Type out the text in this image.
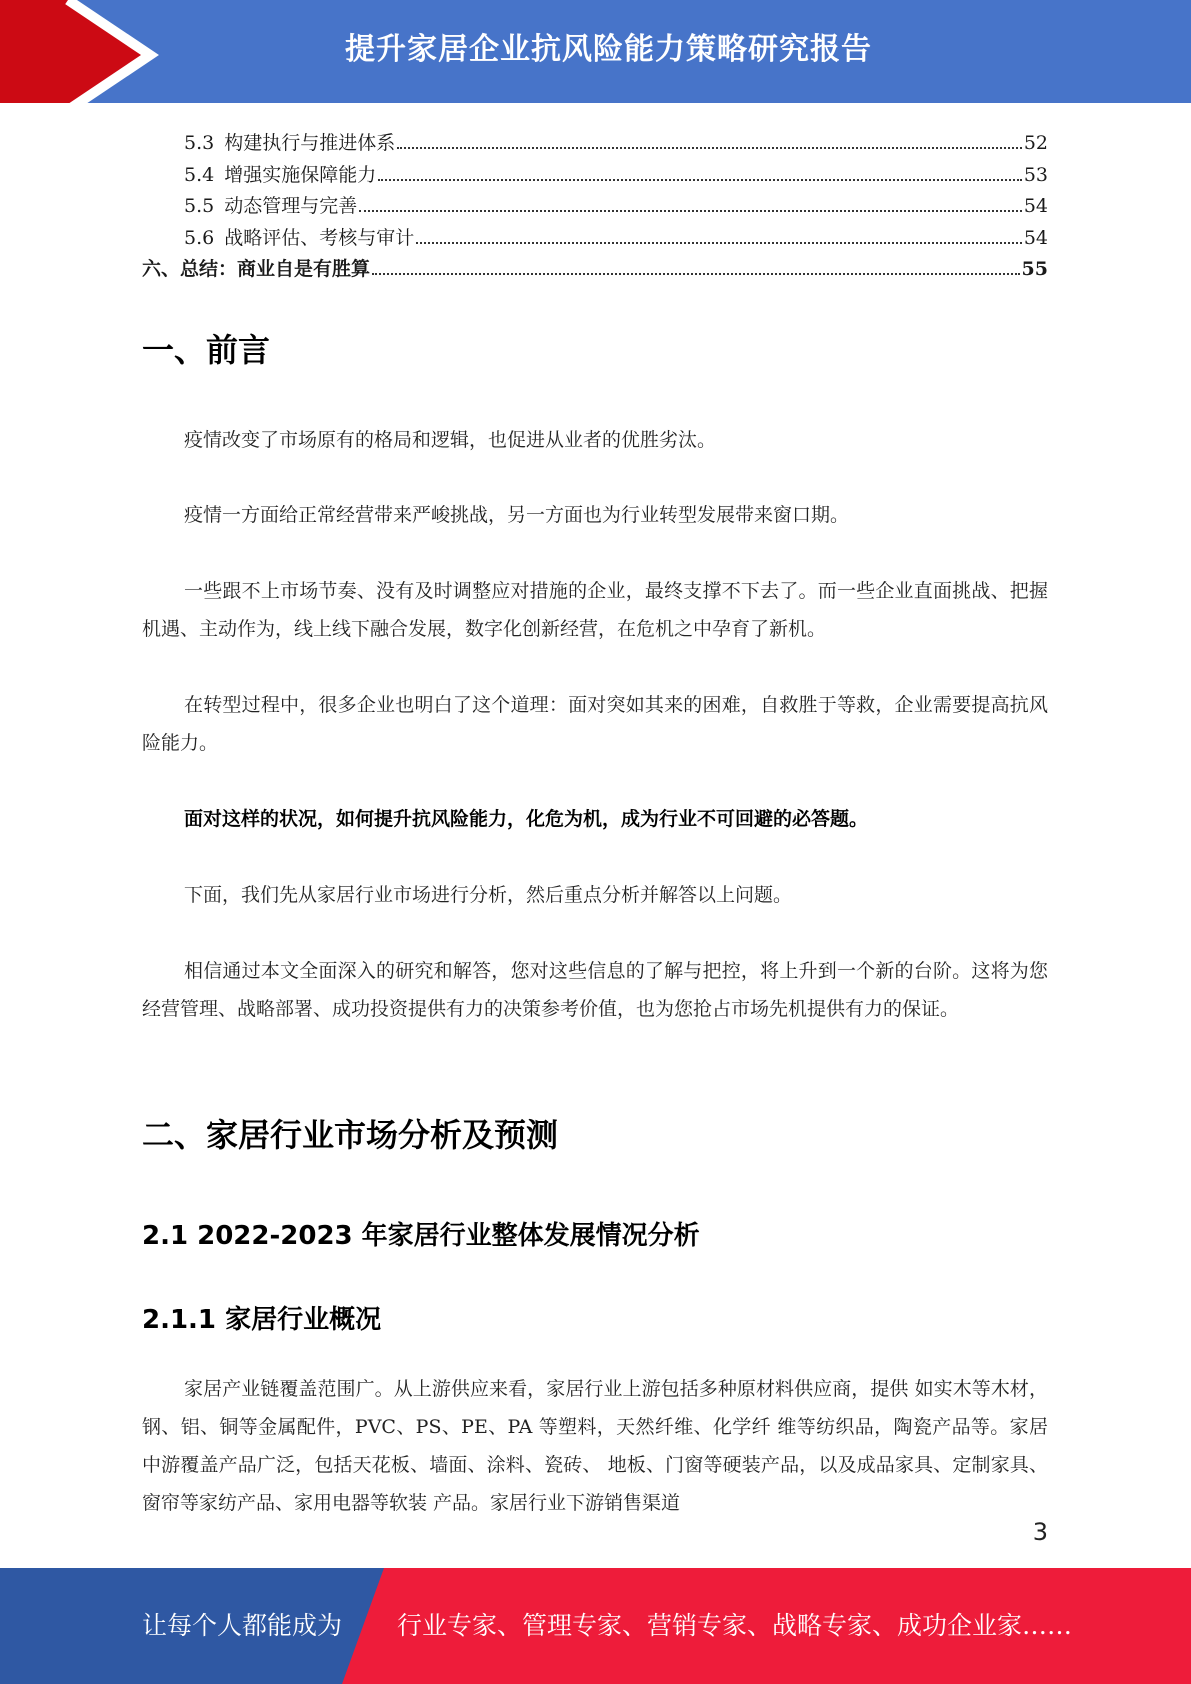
提升家居企业抗风险能力策略研究报告
5.3 构建执行与推进体系	52
5.4 增强实施保障能力	53
5.5 动态管理与完善	54
5.6 战略评估、考核与审计	54
六、总结：商业自是有胜算	55
一、前言

疫情改变了市场原有的格局和逻辑，也促进从业者的优胜劣汰。

疫情一方面给正常经营带来严峻挑战，另一方面也为行业转型发展带来窗口期。

一些跟不上市场节奏、没有及时调整应对措施的企业，最终支撑不下去了。而一些企业直面挑战、把握机遇、主动作为，线上线下融合发展，数字化创新经营，在危机之中孕育了新机。

在转型过程中，很多企业也明白了这个道理：面对突如其来的困难，自救胜于等救，企业需要提高抗风险能力。

面对这样的状况，如何提升抗风险能力，化危为机，成为行业不可回避的必答题。

下面，我们先从家居行业市场进行分析，然后重点分析并解答以上问题。

相信通过本文全面深入的研究和解答，您对这些信息的了解与把控，将上升到一个新的台阶。这将为您经营管理、战略部署、成功投资提供有力的决策参考价值，也为您抢占市场先机提供有力的保证。

二、家居行业市场分析及预测
2.1 2022-2023 年家居行业整体发展情况分析
2.1.1 家居行业概况

家居产业链覆盖范围广。从上游供应来看，家居行业上游包括多种原材料供应商，提供 如实木等木材，钢、铝、铜等金属配件，PVC、PS、PE、PA 等塑料，天然纤维、化学纤 维等纺织品，陶瓷产品等。家居中游覆盖产品广泛，包括天花板、墙面、涂料、瓷砖、 地板、门窗等硬装产品，以及成品家具、定制家具、窗帘等家纺产品、家用电器等软装 产品。家居行业下游销售渠道

3
让每个人都能成为 行业专家、管理专家、营销专家、战略专家、成功企业家……
